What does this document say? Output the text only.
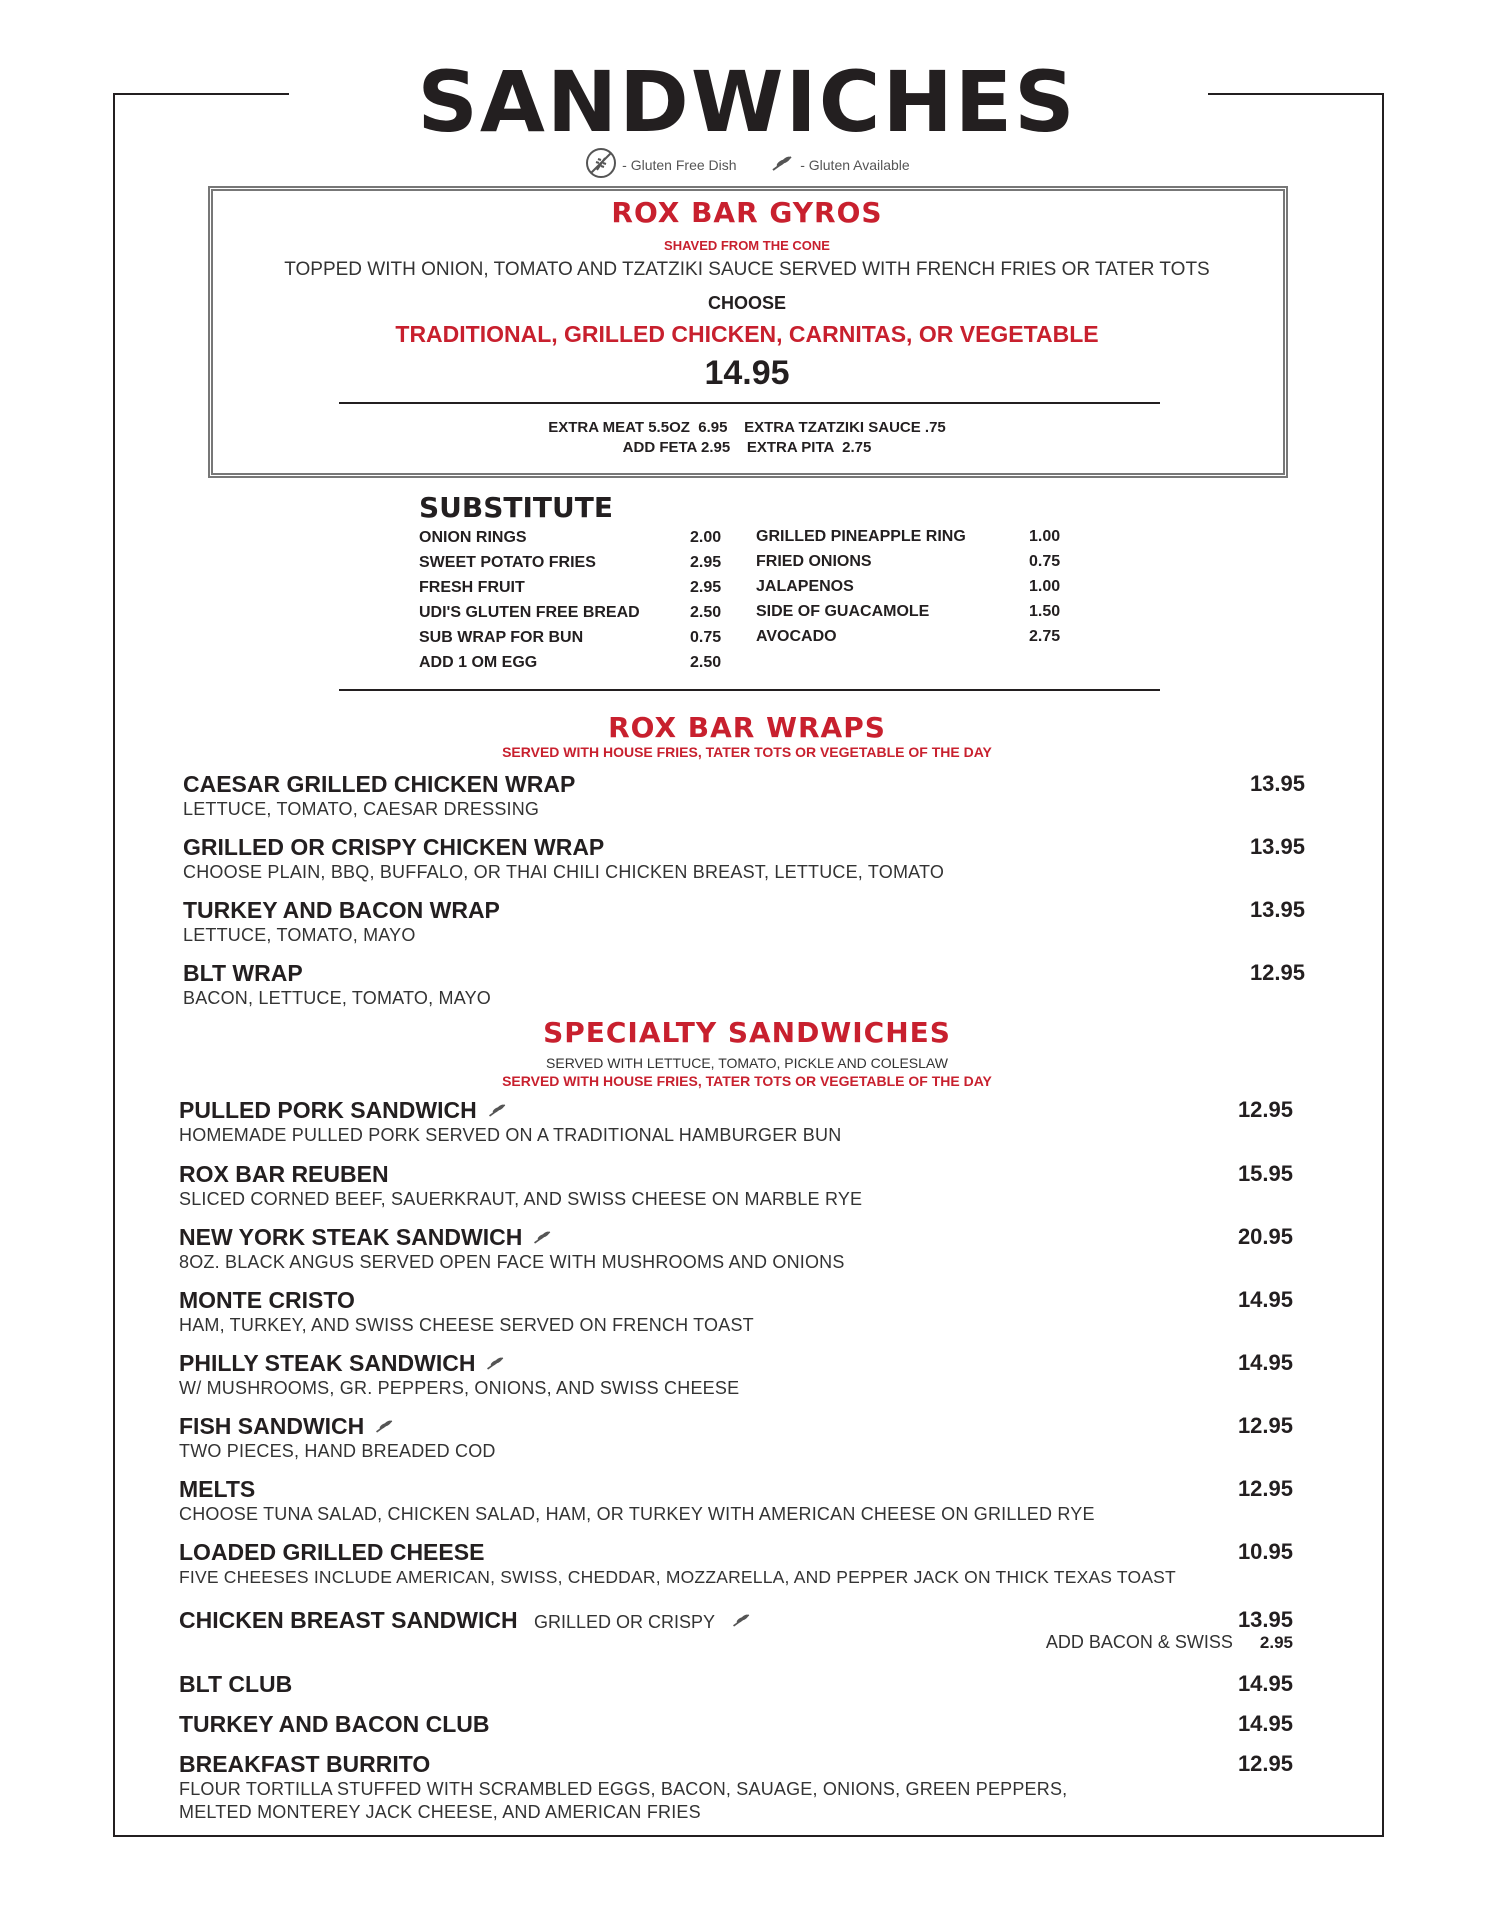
SANDWICHES
- Gluten Free Dish	- Gluten Available
ROX BAR GYROS
SHAVED FROM THE CONE
TOPPED WITH ONION, TOMATO AND TZATZIKI SAUCE SERVED WITH FRENCH FRIES OR TATER TOTS
CHOOSE
TRADITIONAL, GRILLED CHICKEN, CARNITAS, OR VEGETABLE
14.95
EXTRA MEAT 5.5OZ  6.95    EXTRA TZATZIKI SAUCE .75
ADD FETA 2.95    EXTRA PITA  2.75
SUBSTITUTE
ONION RINGS	2.00
SWEET POTATO FRIES	2.95
FRESH FRUIT	2.95
UDI'S GLUTEN FREE BREAD	2.50
SUB WRAP FOR BUN	0.75
ADD 1 OM EGG	2.50
GRILLED PINEAPPLE RING	1.00
FRIED ONIONS	0.75
JALAPENOS	1.00
SIDE OF GUACAMOLE	1.50
AVOCADO	2.75
ROX BAR WRAPS
SERVED WITH HOUSE FRIES, TATER TOTS OR VEGETABLE OF THE DAY
CAESAR GRILLED CHICKEN WRAP	13.95
LETTUCE, TOMATO, CAESAR DRESSING
GRILLED OR CRISPY CHICKEN WRAP	13.95
CHOOSE PLAIN, BBQ, BUFFALO, OR THAI CHILI CHICKEN BREAST, LETTUCE, TOMATO
TURKEY AND BACON WRAP	13.95
LETTUCE, TOMATO, MAYO
BLT WRAP	12.95
BACON, LETTUCE, TOMATO, MAYO
SPECIALTY SANDWICHES
SERVED WITH LETTUCE, TOMATO, PICKLE AND COLESLAW
SERVED WITH HOUSE FRIES, TATER TOTS OR VEGETABLE OF THE DAY
PULLED PORK SANDWICH	12.95
HOMEMADE PULLED PORK SERVED ON A TRADITIONAL HAMBURGER BUN
ROX BAR REUBEN	15.95
SLICED CORNED BEEF, SAUERKRAUT, AND SWISS CHEESE ON MARBLE RYE
NEW YORK STEAK SANDWICH	20.95
8OZ. BLACK ANGUS SERVED OPEN FACE WITH MUSHROOMS AND ONIONS
MONTE CRISTO	14.95
HAM, TURKEY, AND SWISS CHEESE SERVED ON FRENCH TOAST
PHILLY STEAK SANDWICH	14.95
W/ MUSHROOMS, GR. PEPPERS, ONIONS, AND SWISS CHEESE
FISH SANDWICH	12.95
TWO PIECES, HAND BREADED COD
MELTS	12.95
CHOOSE TUNA SALAD, CHICKEN SALAD, HAM, OR TURKEY WITH AMERICAN CHEESE ON GRILLED RYE
LOADED GRILLED CHEESE	10.95
FIVE CHEESES INCLUDE AMERICAN, SWISS, CHEDDAR, MOZZARELLA, AND PEPPER JACK ON THICK TEXAS TOAST
CHICKEN BREAST SANDWICH GRILLED OR CRISPY	13.95
ADD BACON & SWISS 2.95
BLT CLUB	14.95
TURKEY AND BACON CLUB	14.95
BREAKFAST BURRITO	12.95
FLOUR TORTILLA STUFFED WITH SCRAMBLED EGGS, BACON, SAUAGE, ONIONS, GREEN PEPPERS,
MELTED MONTEREY JACK CHEESE, AND AMERICAN FRIES
